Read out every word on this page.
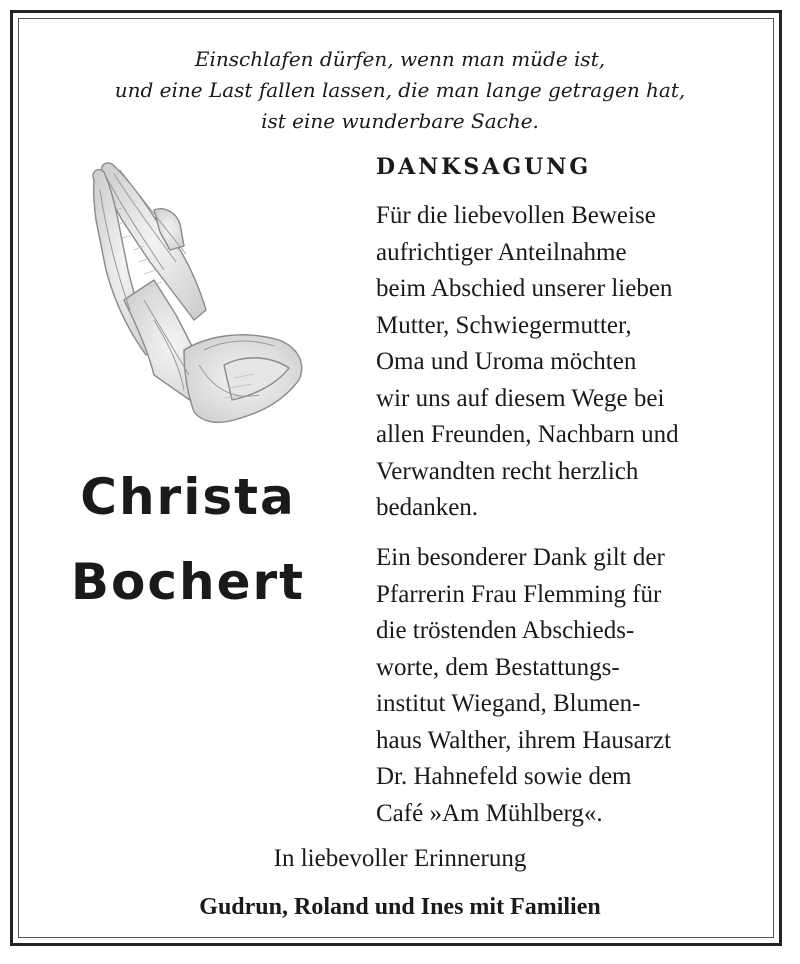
Einschlafen dürfen, wenn man müde ist,
und eine Last fallen lassen, die man lange getragen hat,
ist eine wunderbare Sache.
Christa
Bochert
DANKSAGUNG
Für die liebevollen Beweise
aufrichtiger Anteilnahme
beim Abschied unserer lieben
Mutter, Schwiegermutter,
Oma und Uroma möchten
wir uns auf diesem Wege bei
allen Freunden, Nachbarn und
Verwandten recht herzlich
bedanken.
Ein besonderer Dank gilt der
Pfarrerin Frau Flemming für
die tröstenden Abschieds-
worte, dem Bestattungs-
institut Wiegand, Blumen-
haus Walther, ihrem Hausarzt
Dr. Hahnefeld sowie dem
Café »Am Mühlberg«.
In liebevoller Erinnerung
Gudrun, Roland und Ines mit Familien
